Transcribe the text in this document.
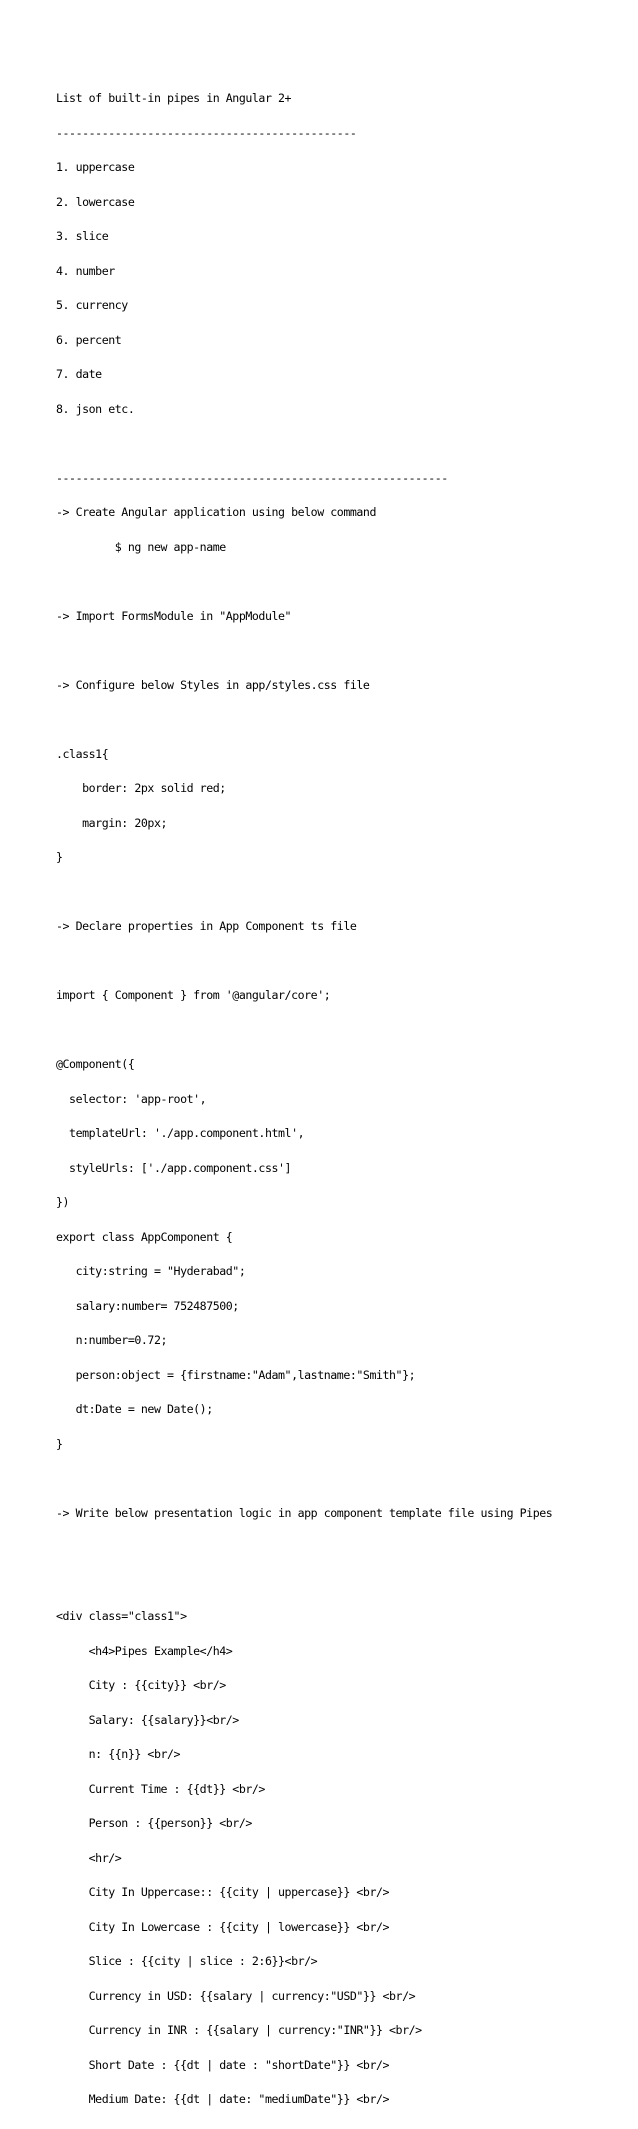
List of built-in pipes in Angular 2+

----------------------------------------------

1. uppercase

2. lowercase

3. slice

4. number

5. currency

6. percent

7. date

8. json etc.

------------------------------------------------------------

-> Create Angular application using below command

$ ng new app-name

-> Import FormsModule in "AppModule"

-> Configure below Styles in app/styles.css file

.class1{

border: 2px solid red;

margin: 20px;

}

-> Declare properties in App Component ts file

import { Component } from '@angular/core';

@Component({

selector: 'app-root',

templateUrl: './app.component.html',

styleUrls: ['./app.component.css']

})

export class AppComponent {

city:string = "Hyderabad";

salary:number= 752487500;

n:number=0.72;

person:object = {firstname:"Adam",lastname:"Smith"};

dt:Date = new Date();

}

-> Write below presentation logic in app component template file using Pipes

<div class="class1">

<h4>Pipes Example</h4>

City : {{city}} <br/>

Salary: {{salary}}<br/>

n: {{n}} <br/>

Current Time : {{dt}} <br/>

Person : {{person}} <br/>

<hr/>

City In Uppercase:: {{city | uppercase}} <br/>

City In Lowercase : {{city | lowercase}} <br/>

Slice : {{city | slice : 2:6}}<br/>

Currency in USD: {{salary | currency:"USD"}} <br/>

Currency in INR : {{salary | currency:"INR"}} <br/>

Short Date : {{dt | date : "shortDate"}} <br/>

Medium Date: {{dt | date: "mediumDate"}} <br/>
